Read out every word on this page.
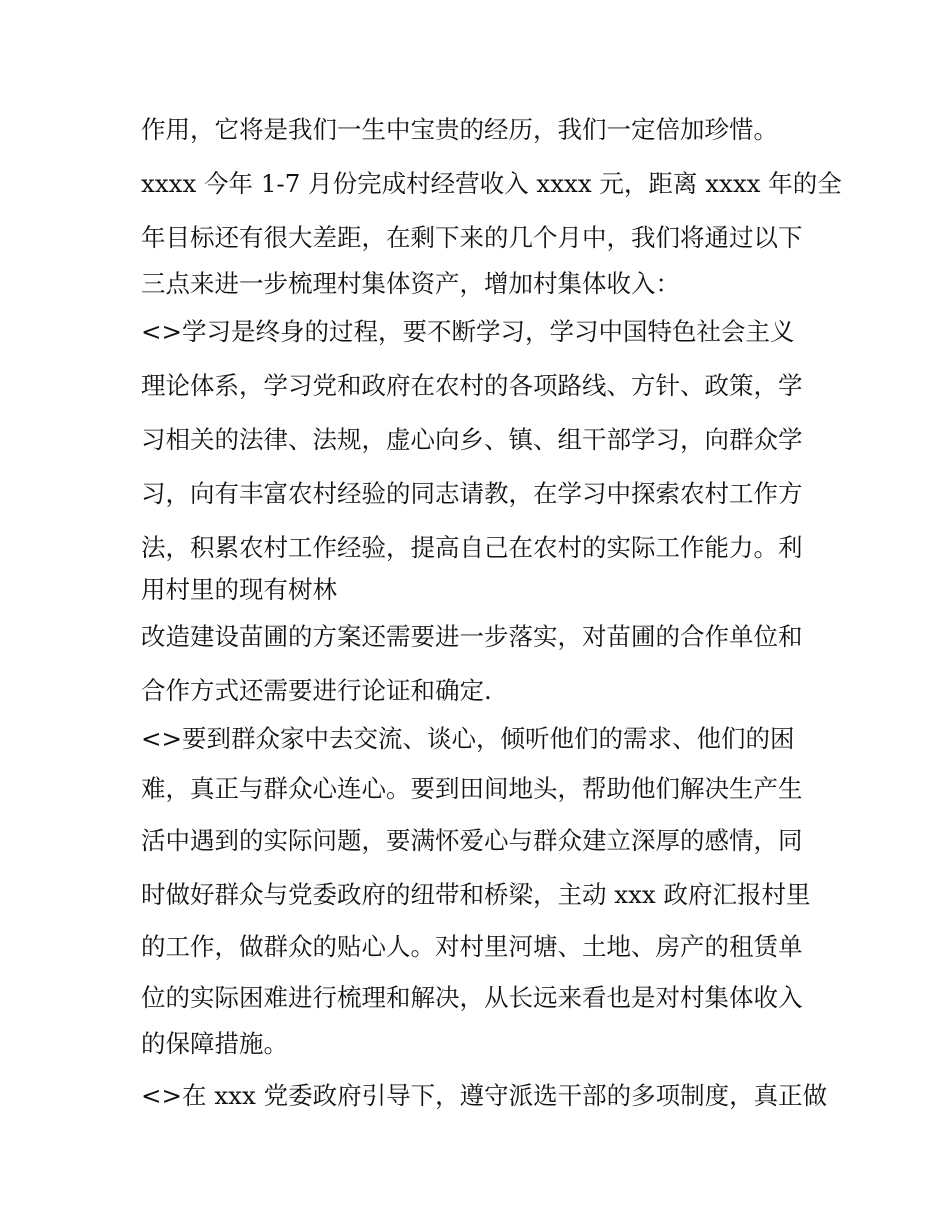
作用，它将是我们一生中宝贵的经历，我们一定倍加珍惜。
xxxx 今年 1-7 月份完成村经营收入 xxxx 元，距离 xxxx 年的全
年目标还有很大差距，在剩下来的几个月中，我们将通过以下
三点来进一步梳理村集体资产，增加村集体收入：
<>学习是终身的过程，要不断学习，学习中国特色社会主义
理论体系，学习党和政府在农村的各项路线、方针、政策，学
习相关的法律、法规，虚心向乡、镇、组干部学习，向群众学
习，向有丰富农村经验的同志请教，在学习中探索农村工作方
法，积累农村工作经验，提高自己在农村的实际工作能力。利
用村里的现有树林
改造建设苗圃的方案还需要进一步落实，对苗圃的合作单位和
合作方式还需要进行论证和确定.
<>要到群众家中去交流、谈心，倾听他们的需求、他们的困
难，真正与群众心连心。要到田间地头，帮助他们解决生产生
活中遇到的实际问题，要满怀爱心与群众建立深厚的感情，同
时做好群众与党委政府的纽带和桥梁，主动 xxx 政府汇报村里
的工作，做群众的贴心人。对村里河塘、土地、房产的租赁单
位的实际困难进行梳理和解决，从长远来看也是对村集体收入
的保障措施。
<>在 xxx 党委政府引导下，遵守派选干部的多项制度，真正做
